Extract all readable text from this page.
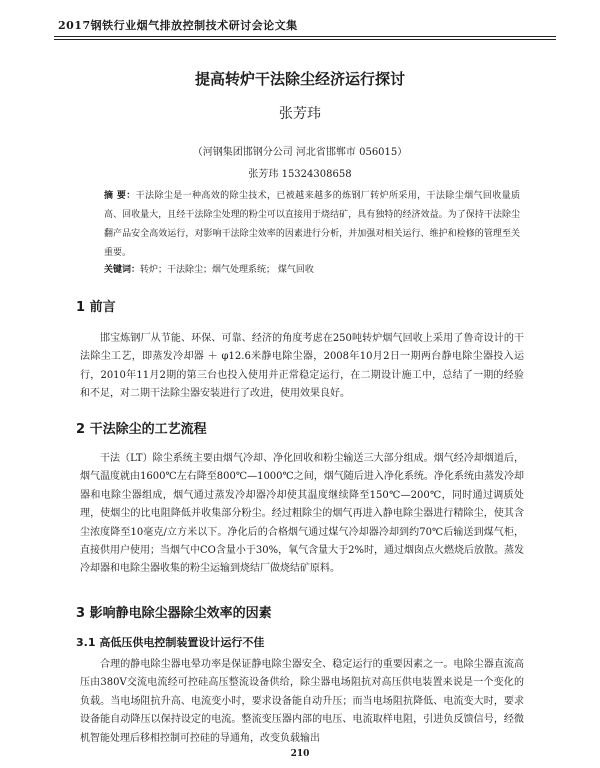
2017钢铁行业烟气排放控制技术研讨会论文集
提高转炉干法除尘经济运行探讨
张芳玮
（河钢集团邯钢分公司 河北省邯郸市 056015）
张芳玮 15324308658
摘 要：干法除尘是一种高效的除尘技术，已被越来越多的炼钢厂转炉所采用，干法除尘烟气回收量质高、回收量大，且经干法除尘处理的粉尘可以直接用于烧结矿，具有独特的经济效益。为了保持干法除尘翻产品安全高效运行，对影响干法除尘效率的因素进行分析，并加强对相关运行、维护和检修的管理至关重要。
关键词：转炉；干法除尘；烟气处理系统； 煤气回收
1 前言
邯宝炼钢厂从节能、环保、可靠、经济的角度考虑在250吨转炉烟气回收上采用了鲁奇设计的干法除尘工艺，即蒸发冷却器 ＋ φ12.6米静电除尘器，2008年10月2日一期两台静电除尘器投入运行，2010年11月2期的第三台也投入使用并正常稳定运行，在二期设计施工中，总结了一期的经验和不足，对二期干法除尘器安装进行了改进，使用效果良好。
2 干法除尘的工艺流程
干法（LT）除尘系统主要由烟气冷却、净化回收和粉尘输送三大部分组成。烟气经冷却烟道后，烟气温度就由1600℃左右降至800℃—1000℃之间，烟气随后进入净化系统。净化系统由蒸发冷却器和电除尘器组成，烟气通过蒸发冷却器冷却使其温度继续降至150℃—200℃，同时通过调质处理，使烟尘的比电阻降低并收集部分粉尘。经过粗除尘的烟气再进入静电除尘器进行精除尘，使其含尘浓度降至10毫克/立方米以下。净化后的合格烟气通过煤气冷却器冷却到约70℃后输送到煤气柜，直接供用户使用；当烟气中CO含量小于30%，氧气含量大于2%时，通过烟囱点火燃烧后放散。蒸发冷却器和电除尘器收集的粉尘运输到烧结厂做烧结矿原料。
3 影响静电除尘器除尘效率的因素
3.1 高低压供电控制装置设计运行不佳
合理的静电除尘器电晕功率是保证静电除尘器安全、稳定运行的重要因素之一。电除尘器直流高压由380V交流电流经可控硅高压整流设备供给，除尘器电场阻抗对高压供电装置来说是一个变化的负载。当电场阻抗升高、电流变小时，要求设备能自动升压；而当电场阻抗降低、电流变大时，要求设备能自动降压以保持设定的电流。整流变压器内部的电压、电流取样电阻，引进负反馈信号，经微机智能处理后移相控制可控硅的导通角，改变负载输出
210
